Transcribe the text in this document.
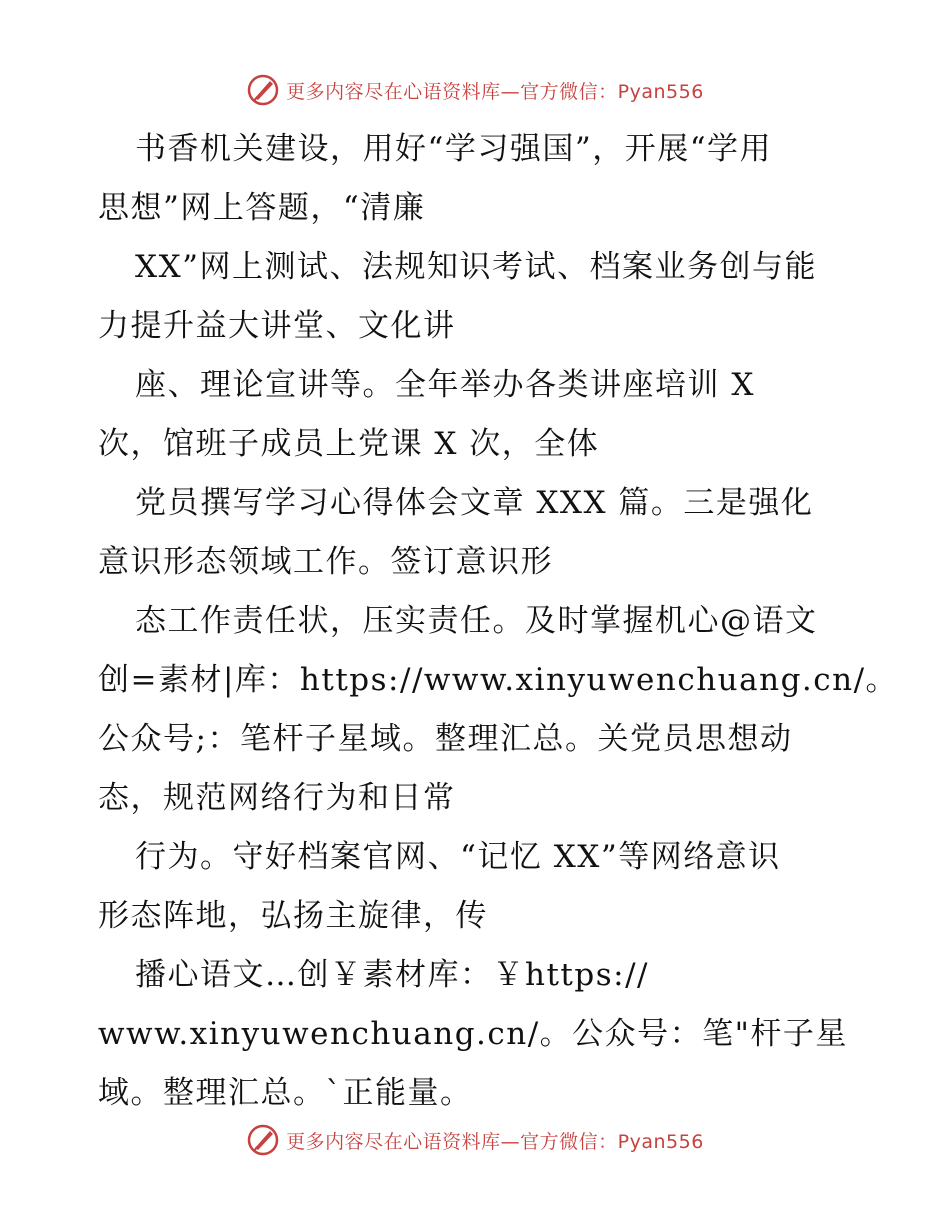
更多内容尽在心语资料库—官方微信：Pyan556
书香机关建设，用好“学习强国”，开展“学用
思想”网上答题，“清廉
XX”网上测试、法规知识考试、档案业务创与能
力提升益大讲堂、文化讲
座、理论宣讲等。全年举办各类讲座培训 X
次，馆班子成员上党课 X 次，全体
党员撰写学习心得体会文章 XXX 篇。三是强化
意识形态领域工作。签订意识形
态工作责任状，压实责任。及时掌握机心@语文
创=素材|库：https://www.xinyuwenchuang.cn/。
公众号;：笔杆子星域。整理汇总。关党员思想动
态，规范网络行为和日常
行为。守好档案官网、“记忆 XX”等网络意识
形态阵地，弘扬主旋律，传
播心语文…创￥素材库：￥https://
www.xinyuwenchuang.cn/。公众号：笔"杆子星
域。整理汇总。`正能量。
更多内容尽在心语资料库—官方微信：Pyan556
